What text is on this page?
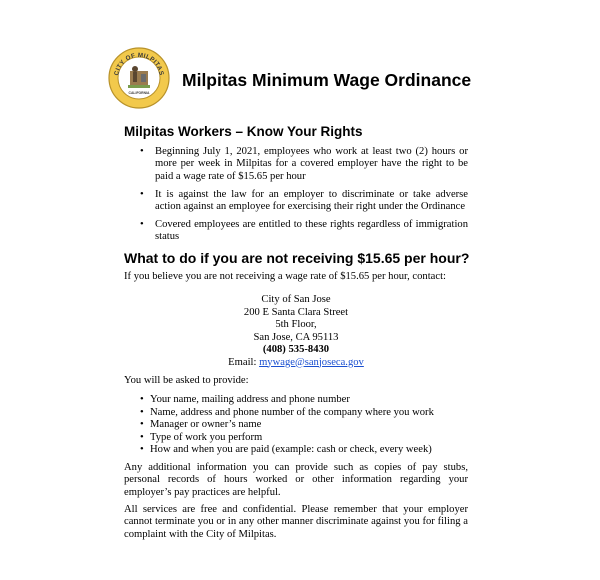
CITY OF MILPITAS
CALIFORNIA
Milpitas Minimum Wage Ordinance
Milpitas Workers – Know Your Rights
• Beginning July 1, 2021, employees who work at least two (2) hours or more per week in Milpitas for a covered employer have the right to be paid a wage rate of $15.65 per hour
• It is against the law for an employer to discriminate or take adverse action against an employee for exercising their right under the Ordinance
• Covered employees are entitled to these rights regardless of immigration status
What to do if you are not receiving $15.65 per hour?
If you believe you are not receiving a wage rate of $15.65 per hour, contact:
City of San Jose
200 E Santa Clara Street
5th Floor,
San Jose, CA 95113
(408) 535-8430
Email: mywage@sanjoseca.gov
You will be asked to provide:
• Your name, mailing address and phone number
• Name, address and phone number of the company where you work
• Manager or owner’s name
• Type of work you perform
• How and when you are paid (example: cash or check, every week)
Any additional information you can provide such as copies of pay stubs, personal records of hours worked or other information regarding your employer’s pay practices are helpful.
All services are free and confidential. Please remember that your employer cannot terminate you or in any other manner discriminate against you for filing a complaint with the City of Milpitas.
